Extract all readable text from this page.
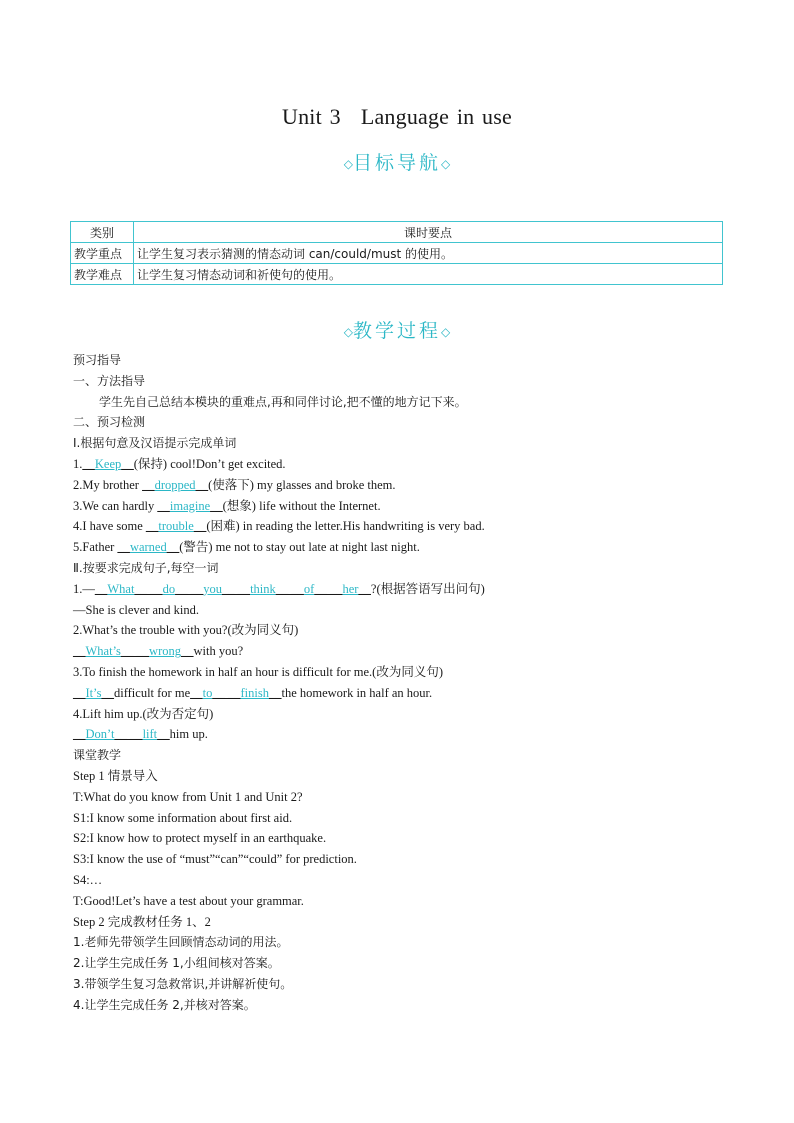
Unit 3 Language in use
◇目标导航◇
类别	课时要点
教学重点	让学生复习表示猜测的情态动词 can/could/must 的使用。
教学难点	让学生复习情态动词和祈使句的使用。
◇教学过程◇
预习指导
一、方法指导
学生先自己总结本模块的重难点,再和同伴讨论,把不懂的地方记下来。
二、预习检测
Ⅰ.根据句意及汉语提示完成单词
1.__Keep__(保持) cool!Don’t get excited.
2.My brother __dropped__(使落下) my glasses and broke them.
3.We can hardly __imagine__(想象) life without the Internet.
4.I have some __trouble__(困难) in reading the letter.His handwriting is very bad.
5.Father __warned__(警告) me not to stay out late at night last night.
Ⅱ.按要求完成句子,每空一词
1.—__What__ __do__ __you__ __think__ __of__ __her__?(根据答语写出问句)
—She is clever and kind.
2.What’s the trouble with you?(改为同义句)
__What’s__ __wrong__with you?
3.To finish the homework in half an hour is difficult for me.(改为同义句)
__It’s__difficult for me__to__ __finish__the homework in half an hour.
4.Lift him up.(改为否定句)
__Don’t__ __lift__him up.
课堂教学
Step 1 情景导入
T:What do you know from Unit 1 and Unit 2?
S1:I know some information about first aid.
S2:I know how to protect myself in an earthquake.
S3:I know the use of “must”“can”“could” for prediction.
S4:…
T:Good!Let’s have a test about your grammar.
Step 2 完成教材任务 1、2
1.老师先带领学生回顾情态动词的用法。
2.让学生完成任务 1,小组间核对答案。
3.带领学生复习急救常识,并讲解祈使句。
4.让学生完成任务 2,并核对答案。
